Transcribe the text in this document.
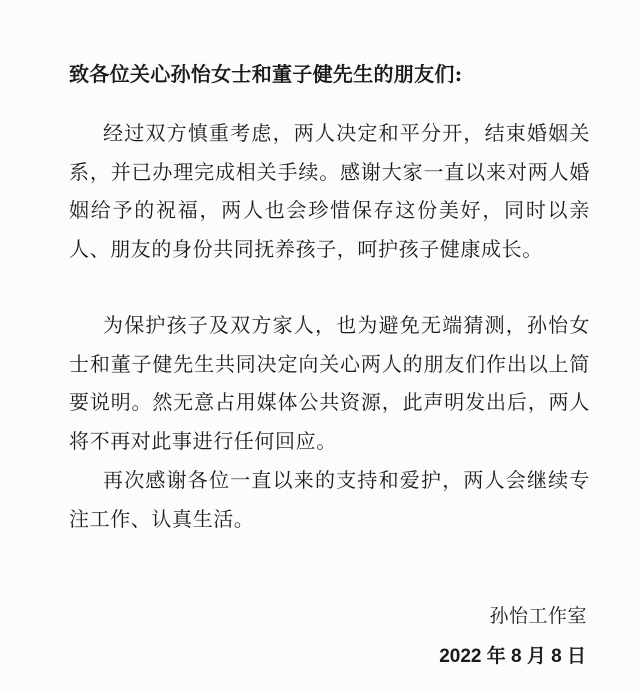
致各位关心孙怡女士和董子健先生的朋友们:
经过双方慎重考虑，两人决定和平分开，结束婚姻关系，并已办理完成相关手续。感谢大家一直以来对两人婚姻给予的祝福，两人也会珍惜保存这份美好，同时以亲人、朋友的身份共同抚养孩子，呵护孩子健康成长。
为保护孩子及双方家人，也为避免无端猜测，孙怡女士和董子健先生共同决定向关心两人的朋友们作出以上简要说明。然无意占用媒体公共资源，此声明发出后，两人将不再对此事进行任何回应。
再次感谢各位一直以来的支持和爱护，两人会继续专注工作、认真生活。
孙怡工作室
2022 年 8 月 8 日
